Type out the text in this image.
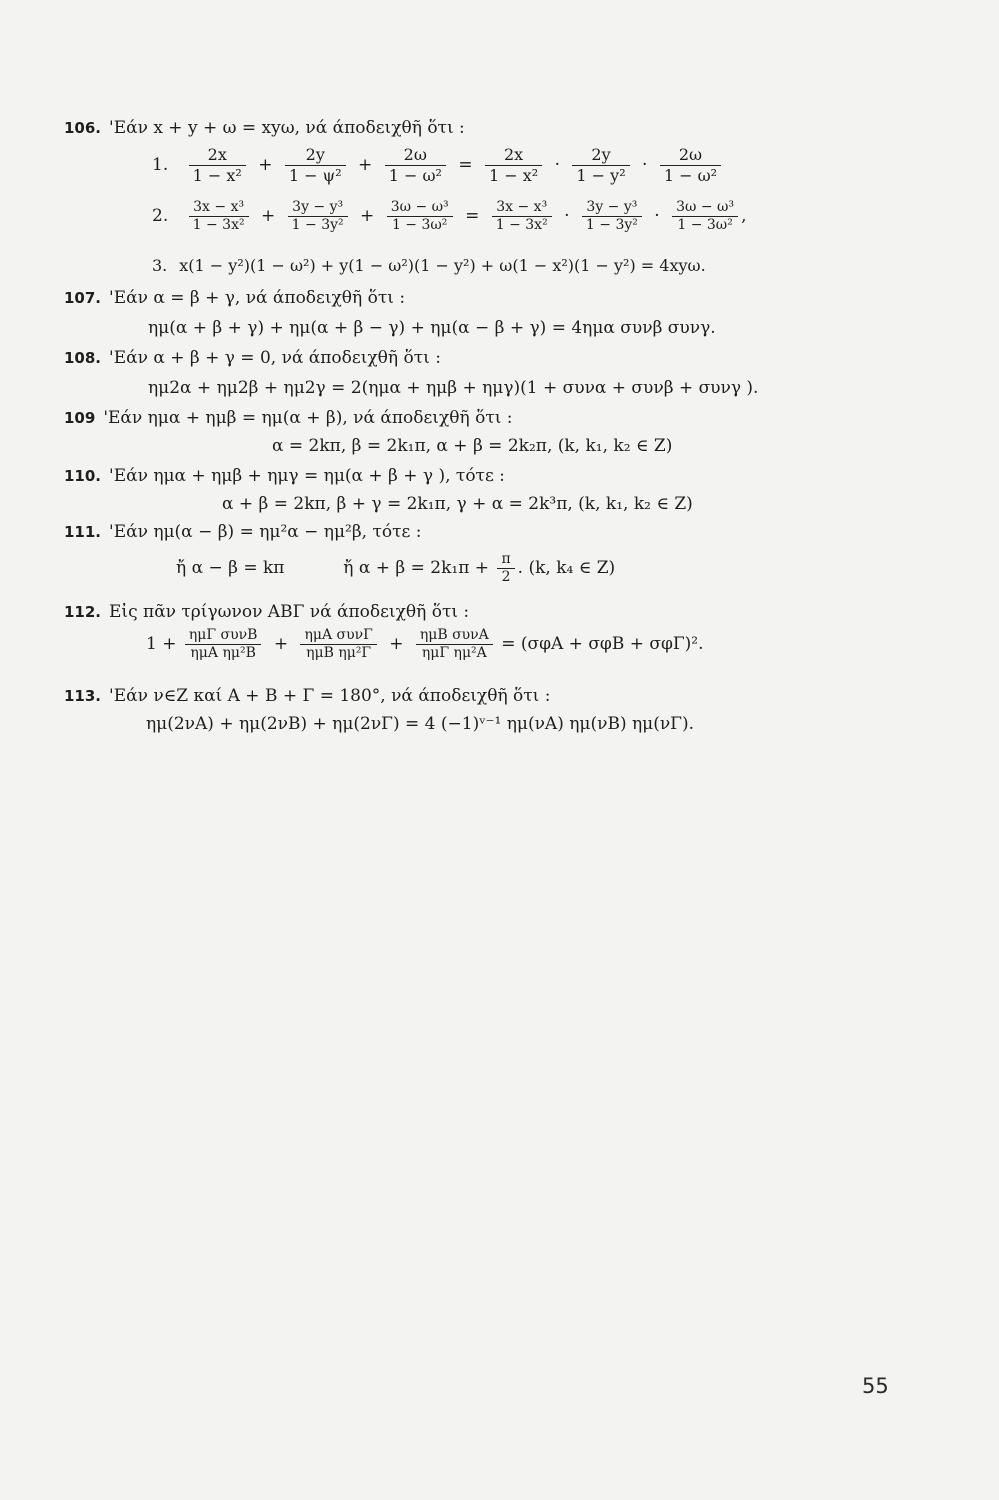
106. 'Εάν x + y + ω = xyω, νά άποδειχθῆ ὅτι :
1. $\frac{2x}{\text{1 − x²}} + \frac{2y}{\text{1 − ψ²}} + \frac{2\omega}{\text{1 − ω²}} = \frac{2x}{\text{1 − x²}} \cdot \frac{2y}{\text{1 − y²}} \cdot \frac{2\omega}{\text{1 − ω²}}$
2. $\frac{\text{3x − x³}}{\text{1 − 3x²}} + \frac{\text{3y − y³}}{\text{1 − 3y²}} + \frac{\text{3ω − ω³}}{\text{1 − 3ω²}} = \frac{\text{3x − x³}}{\text{1 − 3x²}} \cdot \frac{\text{3y − y³}}{\text{1 − 3y²}} \cdot \frac{\text{3ω − ω³}}{\text{1 − 3ω²}}$ ,
3. x(1 − y²)(1 − ω²) + y(1 − ω²)(1 − y²) + ω(1 − x²)(1 − y²) = 4xyω.
107. 'Εάν α = β + γ, νά άποδειχθῆ ὅτι :
ημ(α + β + γ) + ημ(α + β − γ) + ημ(α − β + γ) = 4ημα συνβ συνγ.
108. 'Εάν α + β + γ = 0, νά άποδειχθῆ ὅτι :
ημ2α + ημ2β + ημ2γ = 2(ημα + ημβ + ημγ)(1 + συνα + συνβ + συνγ ).
109 'Εάν ημα + ημβ = ημ(α + β), νά άποδειχθῆ ὅτι :
α = 2kπ, β = 2k₁π, α + β = 2k₂π, (k, k₁, k₂ ∈ Z)
110. 'Εάν ημα + ημβ + ημγ = ημ(α + β + γ ), τότε :
α + β = 2kπ, β + γ = 2k₁π, γ + α = 2k³π, (k, k₁, k₂ ∈ Z)
111. 'Εάν ημ(α − β) = ημ²α − ημ²β, τότε :
ἤ α − β = kπ	ἤ $\alpha + \beta = 2k_1\pi + \frac{\pi}{2}$ . (k, k₄ ∈ Z)
112. Εἰς πᾶν τρίγωνον ΑΒΓ νά άποδειχθῆ ὅτι :
$1 + \frac{\text{ημΓ συνΒ}}{\text{ημΑ ημ²Β}} + \frac{\text{ημΑ συνΓ}}{\text{ημΒ ημ²Γ}} + \frac{\text{ημΒ συνΑ}}{\text{ημΓ ημ²Α}} = (\sigma\varphi A + \sigma\varphi B + \sigma\varphi\Gamma)^2$.
113. 'Εάν ν∈Ζ καί Α + Β + Γ = 180°, νά άποδειχθῆ ὅτι :
ημ(2νΑ) + ημ(2νΒ) + ημ(2νΓ) = 4 (−1)ᵛ⁻¹ ημ(νΑ) ημ(νΒ) ημ(νΓ).
55
